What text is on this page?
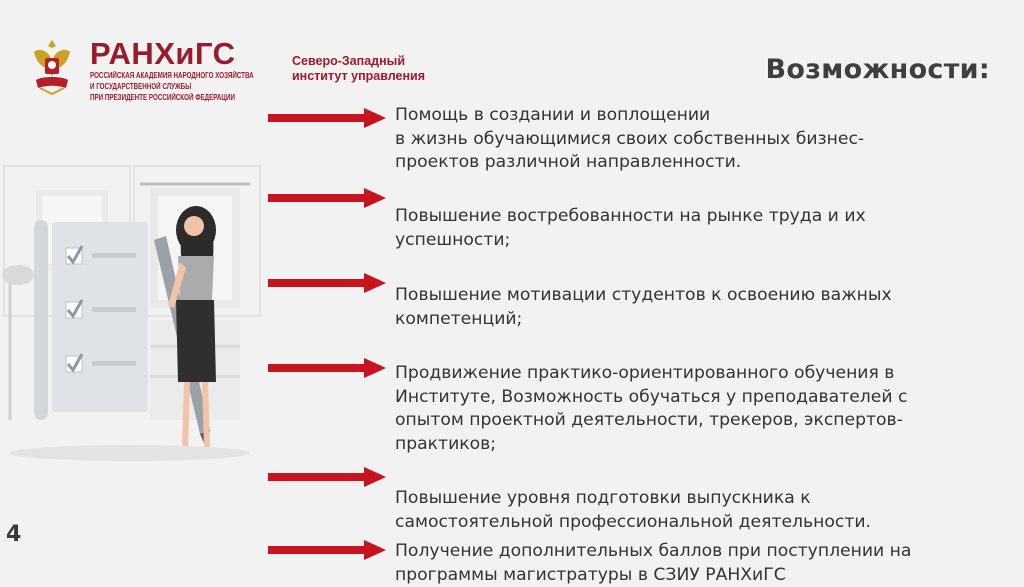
РАНХиГС
РОССИЙСКАЯ АКАДЕМИЯ НАРОДНОГО ХОЗЯЙСТВА
И ГОСУДАРСТВЕННОЙ СЛУЖБЫ
ПРИ ПРЕЗИДЕНТЕ РОССИЙСКОЙ ФЕДЕРАЦИИ
Северо-Западный
институт управления	Возможности:
Помощь в создании и воплощении
в жизнь обучающимися своих собственных бизнес-
проектов различной направленности.
Повышение востребованности на рынке труда и их
успешности;
Повышение мотивации студентов к освоению важных
компетенций;
Продвижение практико-ориентированного обучения в
Институте, Возможность обучаться у преподавателей с
опытом проектной деятельности, трекеров, экспертов-
практиков;
Повышение уровня подготовки выпускника к
самостоятельной профессиональной деятельности.
Получение дополнительных баллов при поступлении на
программы магистратуры в СЗИУ РАНХиГС
4
